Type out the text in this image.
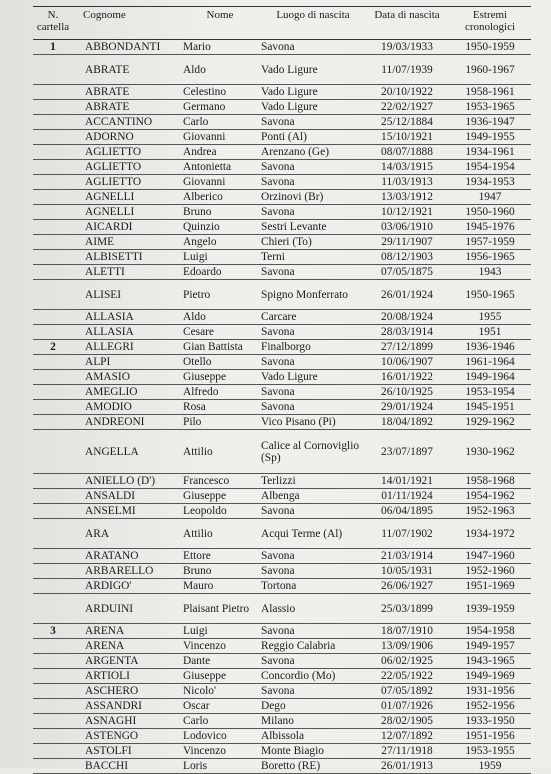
N.
cartella	Cognome	Nome	Luogo di nascita	Data di nascita	Estremi
cronologici
1	ABBONDANTI	Mario	Savona	19/03/1933	1950-1959
	ABRATE	Aldo	Vado Ligure	11/07/1939	1960-1967
	ABRATE	Celestino	Vado Ligure	20/10/1922	1958-1961
	ABRATE	Germano	Vado Ligure	22/02/1927	1953-1965
	ACCANTINO	Carlo	Savona	25/12/1884	1936-1947
	ADORNO	Giovanni	Ponti (Al)	15/10/1921	1949-1955
	AGLIETTO	Andrea	Arenzano (Ge)	08/07/1888	1934-1961
	AGLIETTO	Antonietta	Savona	14/03/1915	1954-1954
	AGLIETTO	Giovanni	Savona	11/03/1913	1934-1953
	AGNELLI	Alberico	Orzinovi (Br)	13/03/1912	1947
	AGNELLI	Bruno	Savona	10/12/1921	1950-1960
	AICARDI	Quinzio	Sestri Levante	03/06/1910	1945-1976
	AIME	Angelo	Chieri (To)	29/11/1907	1957-1959
	ALBISETTI	Luigi	Terni	08/12/1903	1956-1965
	ALETTI	Edoardo	Savona	07/05/1875	1943
	ALISEI	Pietro	Spigno Monferrato	26/01/1924	1950-1965
	ALLASIA	Aldo	Carcare	20/08/1924	1955
	ALLASIA	Cesare	Savona	28/03/1914	1951
2	ALLEGRI	Gian Battista	Finalborgo	27/12/1899	1936-1946
	ALPI	Otello	Savona	10/06/1907	1961-1964
	AMASIO	Giuseppe	Vado Ligure	16/01/1922	1949-1964
	AMEGLIO	Alfredo	Savona	26/10/1925	1953-1954
	AMODIO	Rosa	Savona	29/01/1924	1945-1951
	ANDREONI	Pilo	Vico Pisano (Pi)	18/04/1892	1929-1962
	ANGELLA	Attilio	Calice al Cornoviglio (Sp)	23/07/1897	1930-1962
	ANIELLO (D')	Francesco	Terlizzi	14/01/1921	1958-1968
	ANSALDI	Giuseppe	Albenga	01/11/1924	1954-1962
	ANSELMI	Leopoldo	Savona	06/04/1895	1952-1963
	ARA	Attilio	Acqui Terme (Al)	11/07/1902	1934-1972
	ARATANO	Ettore	Savona	21/03/1914	1947-1960
	ARBARELLO	Bruno	Savona	10/05/1931	1952-1960
	ARDIGO'	Mauro	Tortona	26/06/1927	1951-1969
	ARDUINI	Plaisant Pietro	Alassio	25/03/1899	1939-1959
3	ARENA	Luigi	Savona	18/07/1910	1954-1958
	ARENA	Vincenzo	Reggio Calabria	13/09/1906	1949-1957
	ARGENTA	Dante	Savona	06/02/1925	1943-1965
	ARTIOLI	Giuseppe	Concordio (Mo)	22/05/1922	1949-1969
	ASCHERO	Nicolo'	Savona	07/05/1892	1931-1956
	ASSANDRI	Oscar	Dego	01/07/1926	1952-1956
	ASNAGHI	Carlo	Milano	28/02/1905	1933-1950
	ASTENGO	Lodovico	Albissola	12/07/1892	1951-1956
	ASTOLFI	Vincenzo	Monte Biagio	27/11/1918	1953-1955
	BACCHI	Loris	Boretto (RE)	26/01/1913	1959
